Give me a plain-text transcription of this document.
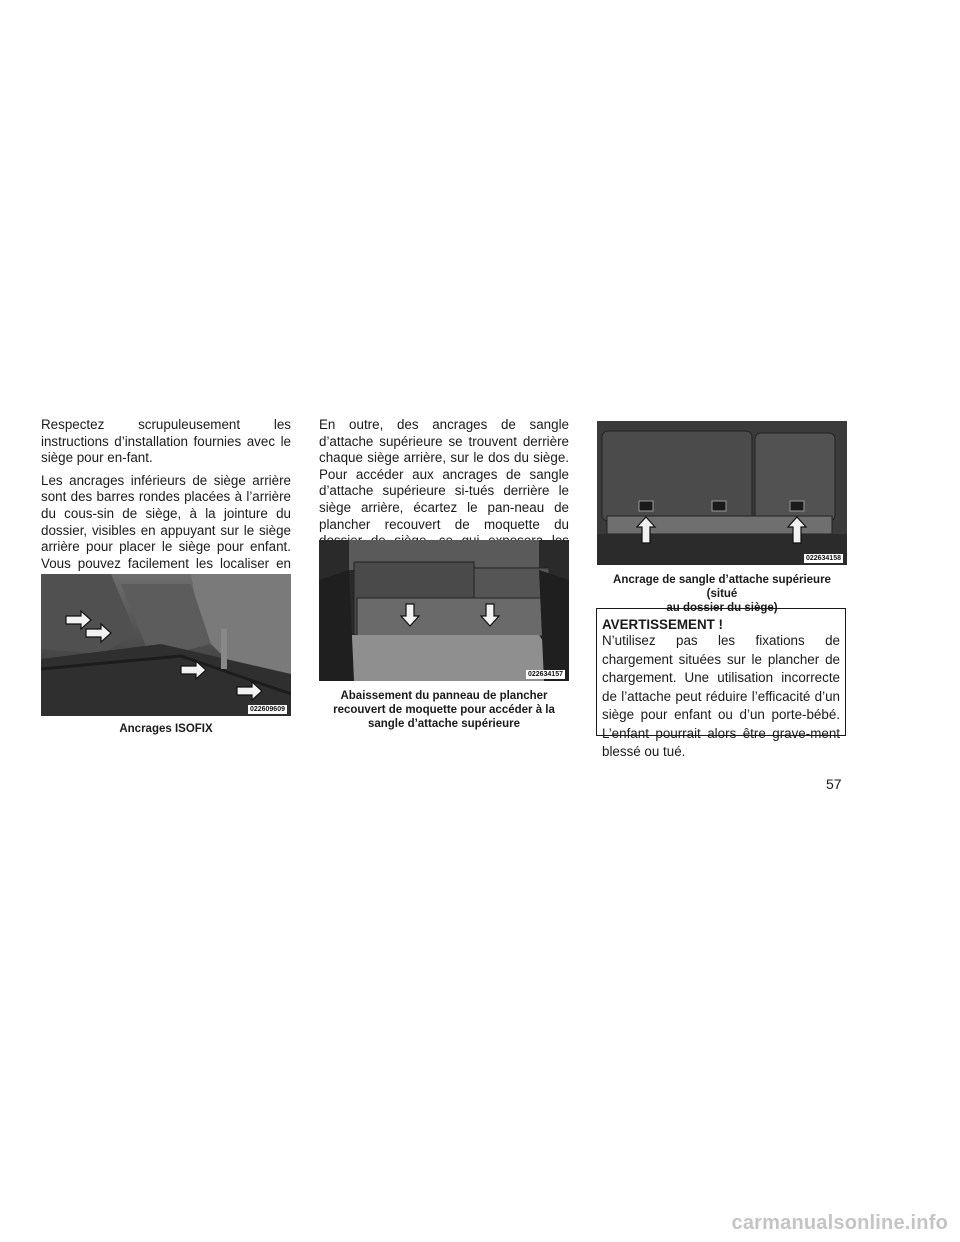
Respectez scrupuleusement les instructions d’installation fournies avec le siège pour en-fant.

Les ancrages inférieurs de siège arrière sont des barres rondes placées à l’arrière du cous-sin de siège, à la jointure du dossier, visibles en appuyant sur le siège arrière pour placer le siège pour enfant. Vous pouvez facilement les localiser en

En outre, des ancrages de sangle d’attache supérieure se trouvent derrière chaque siège arrière, sur le dos du siège. Pour accéder aux ancrages de sangle d’attache supérieure si-tués derrière le siège arrière, écartez le pan-neau de plancher recouvert de moquette du

022609609
Ancrages ISOFIX
022634157
Abaissement du panneau de plancher
recouvert de moquette pour accéder à la
sangle d’attache supérieure
022634158
Ancrage de sangle d’attache supérieure (situé
au dossier du siège)
AVERTISSEMENT !
N’utilisez pas les fixations de chargement situées sur le plancher de chargement. Une utilisation incorrecte de l’attache peut réduire l’efficacité d’un siège pour enfant ou d’un porte-bébé. L’enfant pourrait alors être grave-ment blessé ou tué.
57
carmanualsonline.info
